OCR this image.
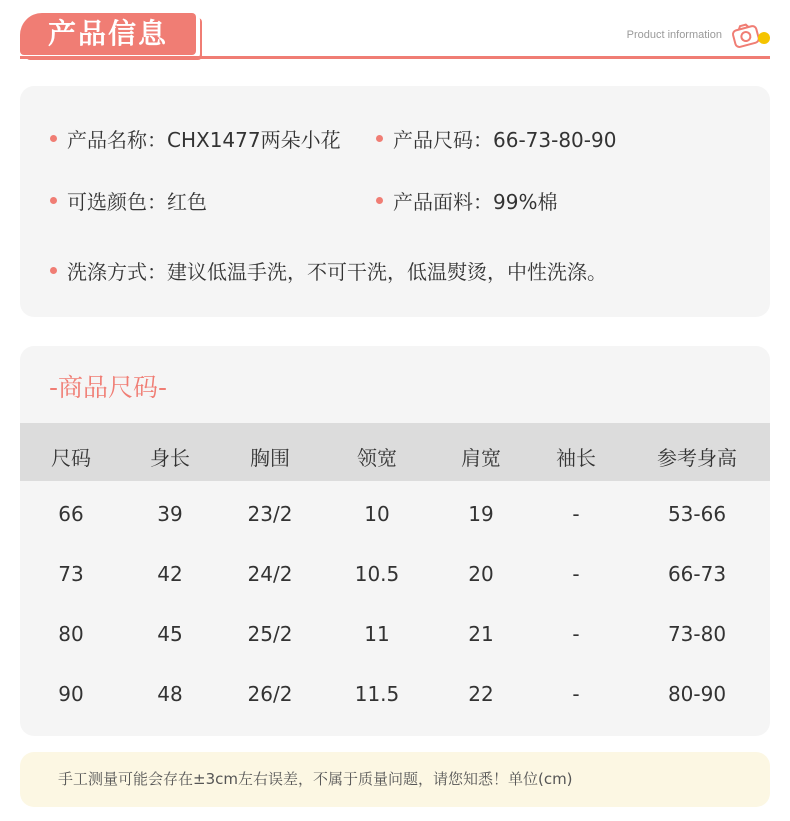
产品信息	Product information
产品名称：CHX1477两朵小花	产品尺码：66-73-80-90
可选颜色：红色	产品面料：99%棉
洗涤方式：建议低温手洗，不可干洗，低温熨烫，中性洗涤。
-商品尺码-
尺码	身长	胸围	领宽	肩宽	袖长	参考身高
66	39	23/2	10	19	-	53-66
73	42	24/2	10.5	20	-	66-73
80	45	25/2	11	21	-	73-80
90	48	26/2	11.5	22	-	80-90
手工测量可能会存在±3cm左右误差，不属于质量问题，请您知悉！单位(cm)
